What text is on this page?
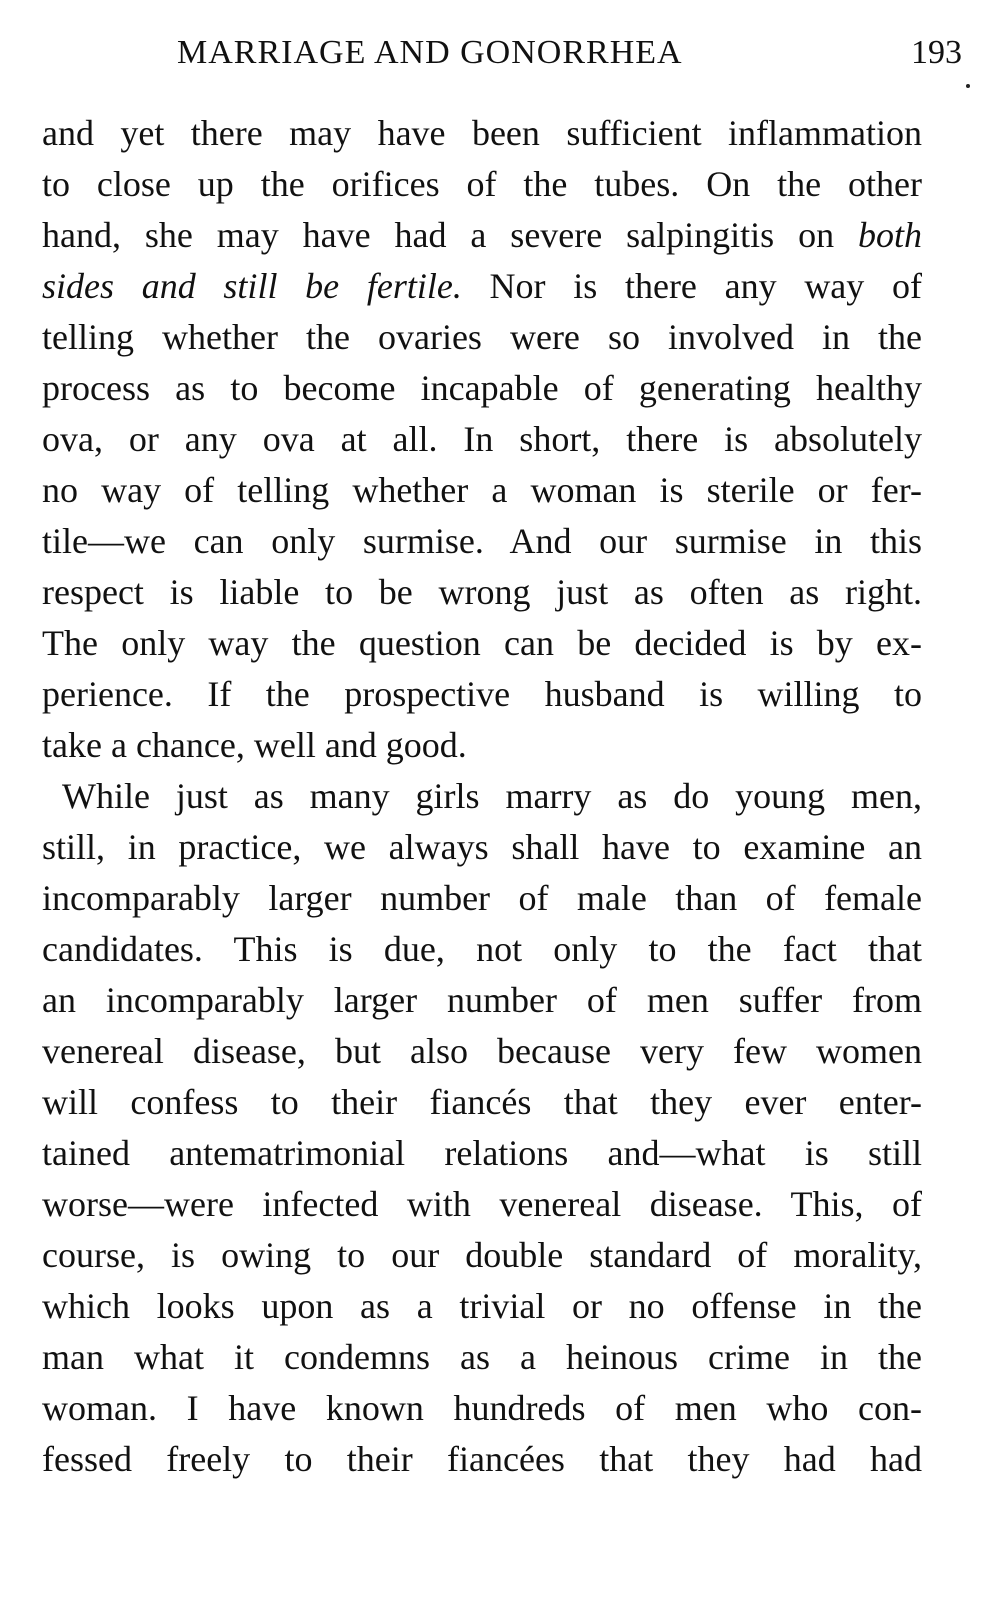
MARRIAGE AND GONORRHEA	193
and yet there may have been sufficient inflammation
to close up the orifices of the tubes. On the other
hand, she may have had a severe salpingitis on both
sides and still be fertile. Nor is there any way of
telling whether the ovaries were so involved in the
process as to become incapable of generating healthy
ova, or any ova at all. In short, there is absolutely
no way of telling whether a woman is sterile or fer-
tile—we can only surmise. And our surmise in this
respect is liable to be wrong just as often as right.
The only way the question can be decided is by ex-
perience. If the prospective husband is willing to
take a chance, well and good.
While just as many girls marry as do young men,
still, in practice, we always shall have to examine an
incomparably larger number of male than of female
candidates. This is due, not only to the fact that
an incomparably larger number of men suffer from
venereal disease, but also because very few women
will confess to their fiancés that they ever enter-
tained antematrimonial relations and—what is still
worse—were infected with venereal disease. This, of
course, is owing to our double standard of morality,
which looks upon as a trivial or no offense in the
man what it condemns as a heinous crime in the
woman. I have known hundreds of men who con-
fessed freely to their fiancées that they had had
